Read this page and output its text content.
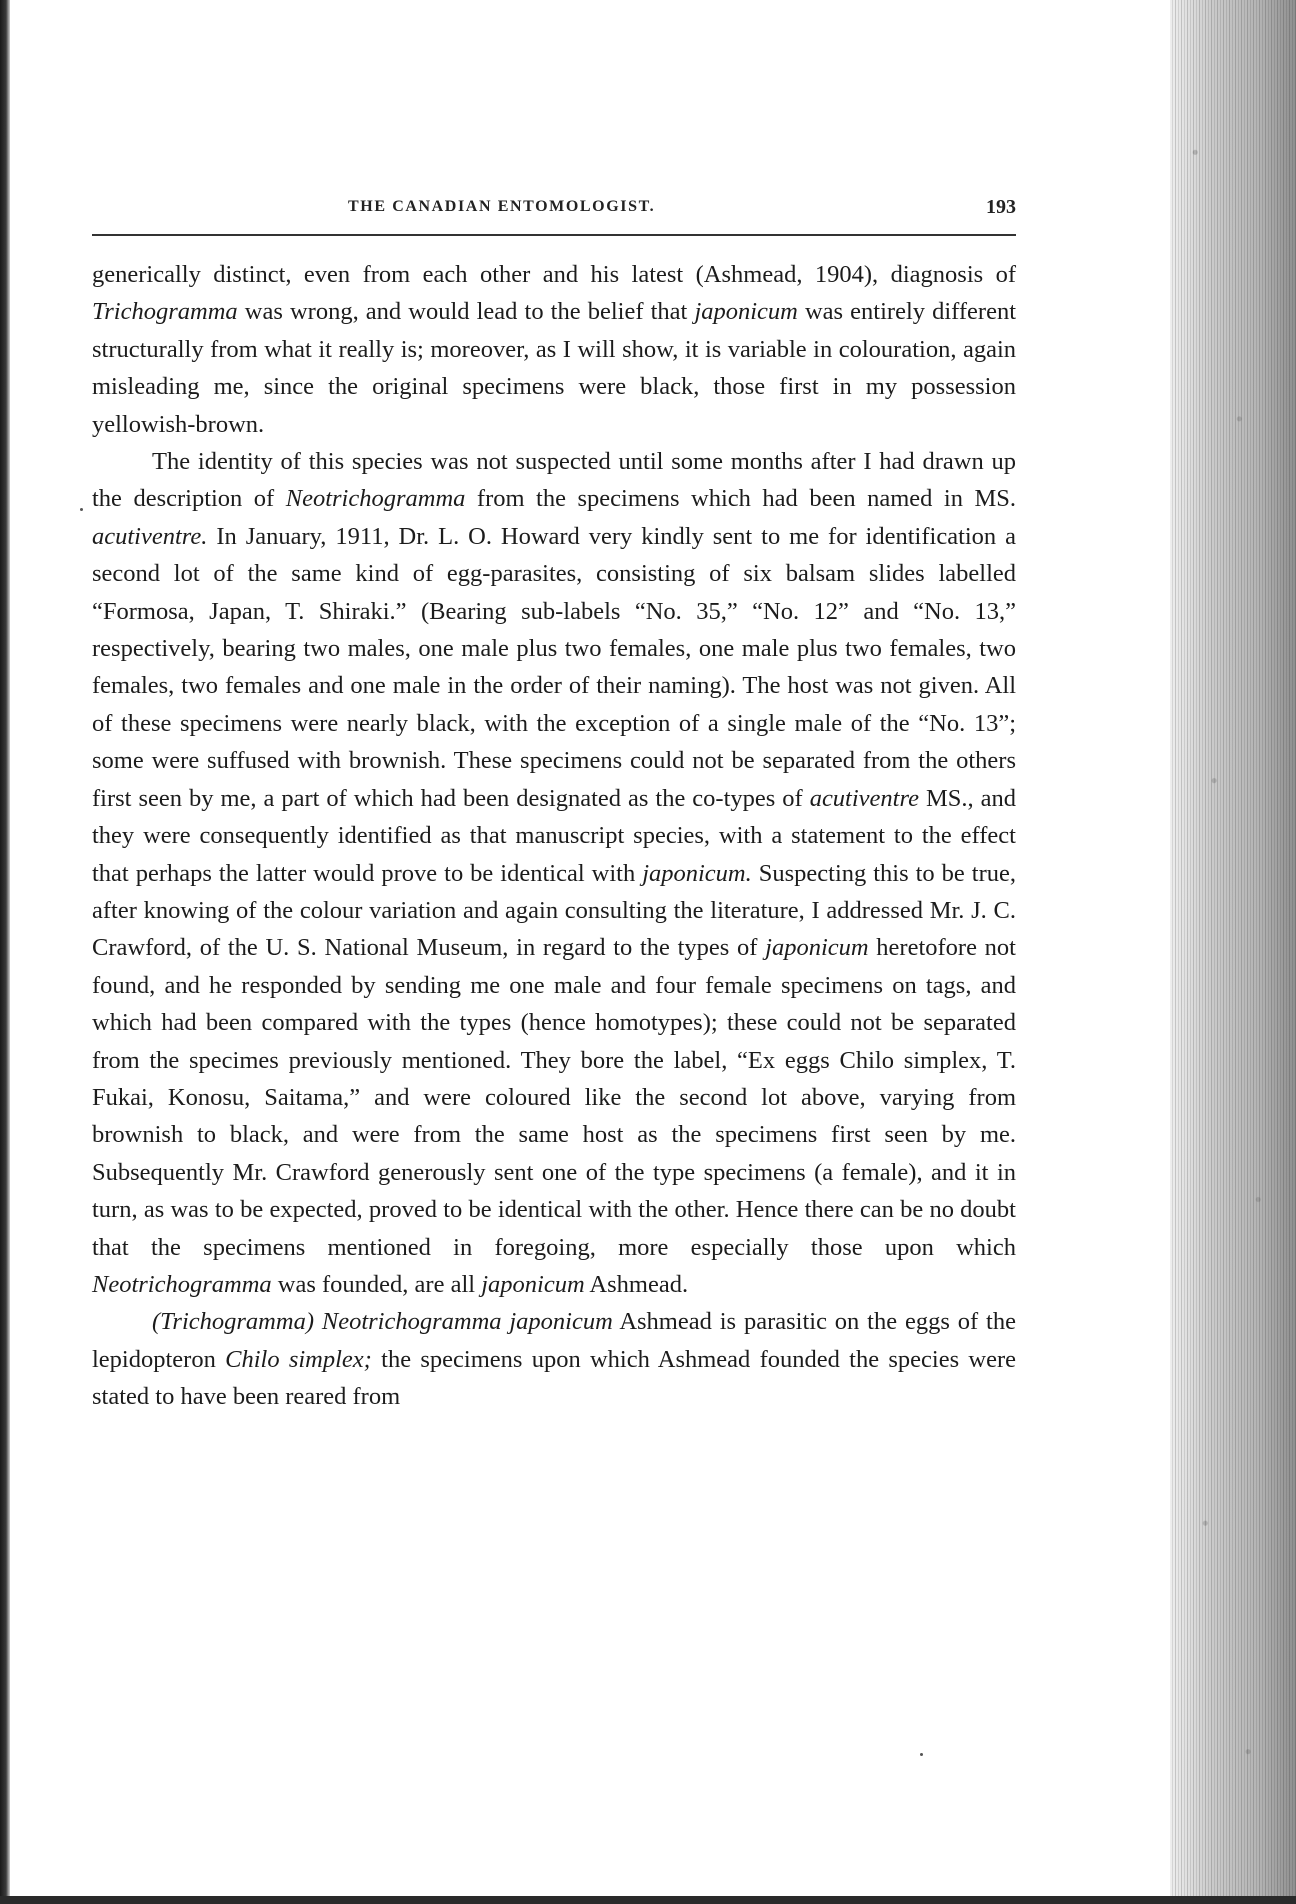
THE CANADIAN ENTOMOLOGIST.	193

generically distinct, even from each other and his latest (Ashmead, 1904), diagnosis of Trichogramma was wrong, and would lead to the belief that japonicum was entirely different structurally from what it really is; moreover, as I will show, it is variable in colouration, again misleading me, since the original specimens were black, those first in my possession yellowish-brown.

The identity of this species was not suspected until some months after I had drawn up the description of Neotrichogramma from the specimens which had been named in MS. acutiventre. In January, 1911, Dr. L. O. Howard very kindly sent to me for identification a second lot of the same kind of egg-parasites, consisting of six balsam slides labelled “Formosa, Japan, T. Shiraki.” (Bearing sub-labels “No. 35,” “No. 12” and “No. 13,” respectively, bearing two males, one male plus two females, one male plus two females, two females, two females and one male in the order of their naming). The host was not given. All of these specimens were nearly black, with the exception of a single male of the “No. 13”; some were suffused with brownish. These specimens could not be separated from the others first seen by me, a part of which had been designated as the co-types of acutiventre MS., and they were consequently identified as that manuscript species, with a statement to the effect that perhaps the latter would prove to be identical with japonicum. Suspecting this to be true, after knowing of the colour variation and again consulting the literature, I addressed Mr. J. C. Crawford, of the U. S. National Museum, in regard to the types of japonicum heretofore not found, and he responded by sending me one male and four female specimens on tags, and which had been compared with the types (hence homotypes); these could not be separated from the specimes previously mentioned. They bore the label, “Ex eggs Chilo simplex, T. Fukai, Konosu, Saitama,” and were coloured like the second lot above, varying from brownish to black, and were from the same host as the specimens first seen by me. Subsequently Mr. Crawford generously sent one of the type specimens (a female), and it in turn, as was to be expected, proved to be identical with the other. Hence there can be no doubt that the specimens mentioned in foregoing, more especially those upon which Neotrichogramma was founded, are all japonicum Ashmead.

(Trichogramma) Neotrichogramma japonicum Ashmead is parasitic on the eggs of the lepidopteron Chilo simplex; the specimens upon which Ashmead founded the species were stated to have been reared from
